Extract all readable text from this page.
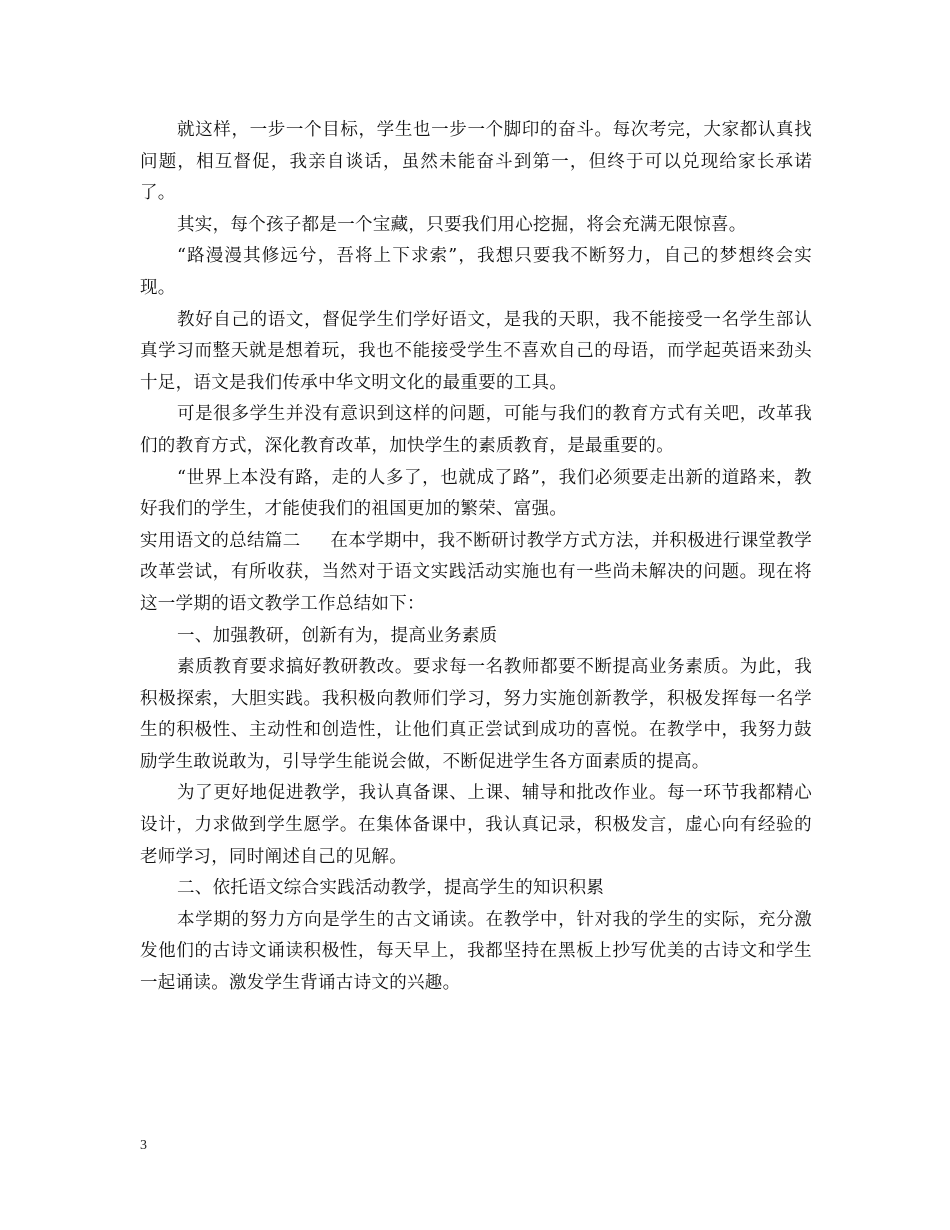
就这样，一步一个目标，学生也一步一个脚印的奋斗。每次考完，大家都认真找问题，相互督促，我亲自谈话，虽然未能奋斗到第一，但终于可以兑现给家长承诺了。

其实，每个孩子都是一个宝藏，只要我们用心挖掘，将会充满无限惊喜。

“路漫漫其修远兮，吾将上下求索”，我想只要我不断努力，自己的梦想终会实现。

教好自己的语文，督促学生们学好语文，是我的天职，我不能接受一名学生部认真学习而整天就是想着玩，我也不能接受学生不喜欢自己的母语，而学起英语来劲头十足，语文是我们传承中华文明文化的最重要的工具。

可是很多学生并没有意识到这样的问题，可能与我们的教育方式有关吧，改革我们的教育方式，深化教育改革，加快学生的素质教育，是最重要的。

“世界上本没有路，走的人多了，也就成了路”，我们必须要走出新的道路来，教好我们的学生，才能使我们的祖国更加的繁荣、富强。

实用语文的总结篇二 在本学期中，我不断研讨教学方式方法，并积极进行课堂教学改革尝试，有所收获，当然对于语文实践活动实施也有一些尚未解决的问题。现在将这一学期的语文教学工作总结如下：

一、加强教研，创新有为，提高业务素质

素质教育要求搞好教研教改。要求每一名教师都要不断提高业务素质。为此，我积极探索，大胆实践。我积极向教师们学习，努力实施创新教学，积极发挥每一名学生的积极性、主动性和创造性，让他们真正尝试到成功的喜悦。在教学中，我努力鼓励学生敢说敢为，引导学生能说会做，不断促进学生各方面素质的提高。

为了更好地促进教学，我认真备课、上课、辅导和批改作业。每一环节我都精心设计，力求做到学生愿学。在集体备课中，我认真记录，积极发言，虚心向有经验的老师学习，同时阐述自己的见解。

二、依托语文综合实践活动教学，提高学生的知识积累

本学期的努力方向是学生的古文诵读。在教学中，针对我的学生的实际，充分激发他们的古诗文诵读积极性，每天早上，我都坚持在黑板上抄写优美的古诗文和学生一起诵读。激发学生背诵古诗文的兴趣。

3
